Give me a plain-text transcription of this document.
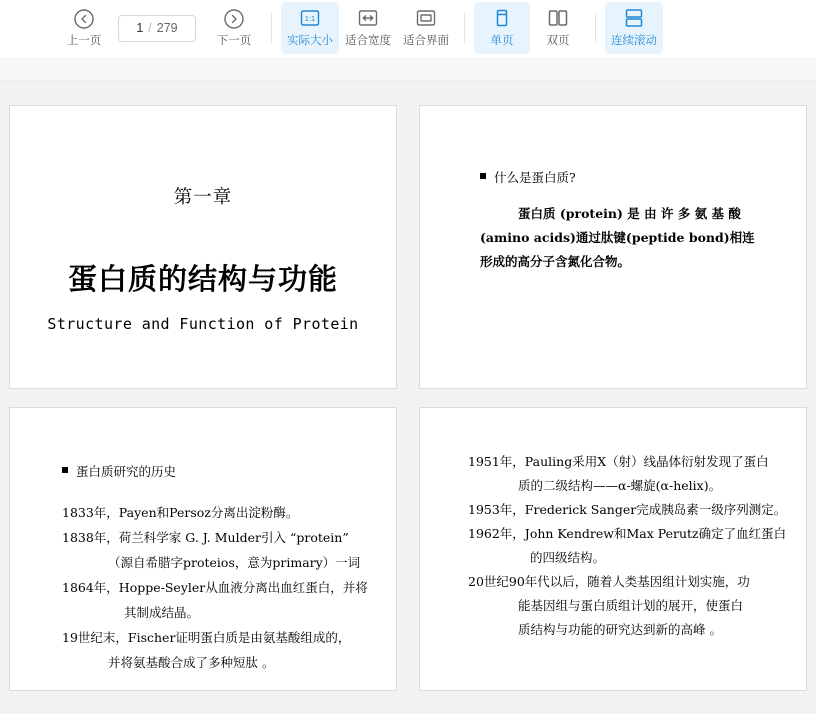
上一页
1 / 279
下一页
1:1
实际大小 适合宽度 适合界面	单页	双页	连续滚动
第一章
蛋白质的结构与功能
Structure and Function of Protein
什么是蛋白质?
蛋白质 (protein) 是 由 许 多 氨 基 酸
(amino acids)通过肽键(peptide bond)相连
形成的高分子含氮化合物。
蛋白质研究的历史
1833年，Payen和Persoz分离出淀粉酶。
1838年，荷兰科学家 G. J. Mulder引入 “protein”
（源自希腊字proteios，意为primary）一词
1864年，Hoppe-Seyler从血液分离出血红蛋白，并将
其制成结晶。
19世纪末，Fischer证明蛋白质是由氨基酸组成的，
并将氨基酸合成了多种短肽 。
1951年，Pauling釆用X（射）线晶体衍射发现了蛋白
质的二级结构——α-螺旋(α-helix)。
1953年，Frederick Sanger完成胰岛素一级序列测定。
1962年，John Kendrew和Max Perutz确定了血红蛋白
的四级结构。
20世纪90年代以后，随着人类基因组计划实施，功
能基因组与蛋白质组计划的展开，使蛋白
质结构与功能的研究达到新的高峰 。
